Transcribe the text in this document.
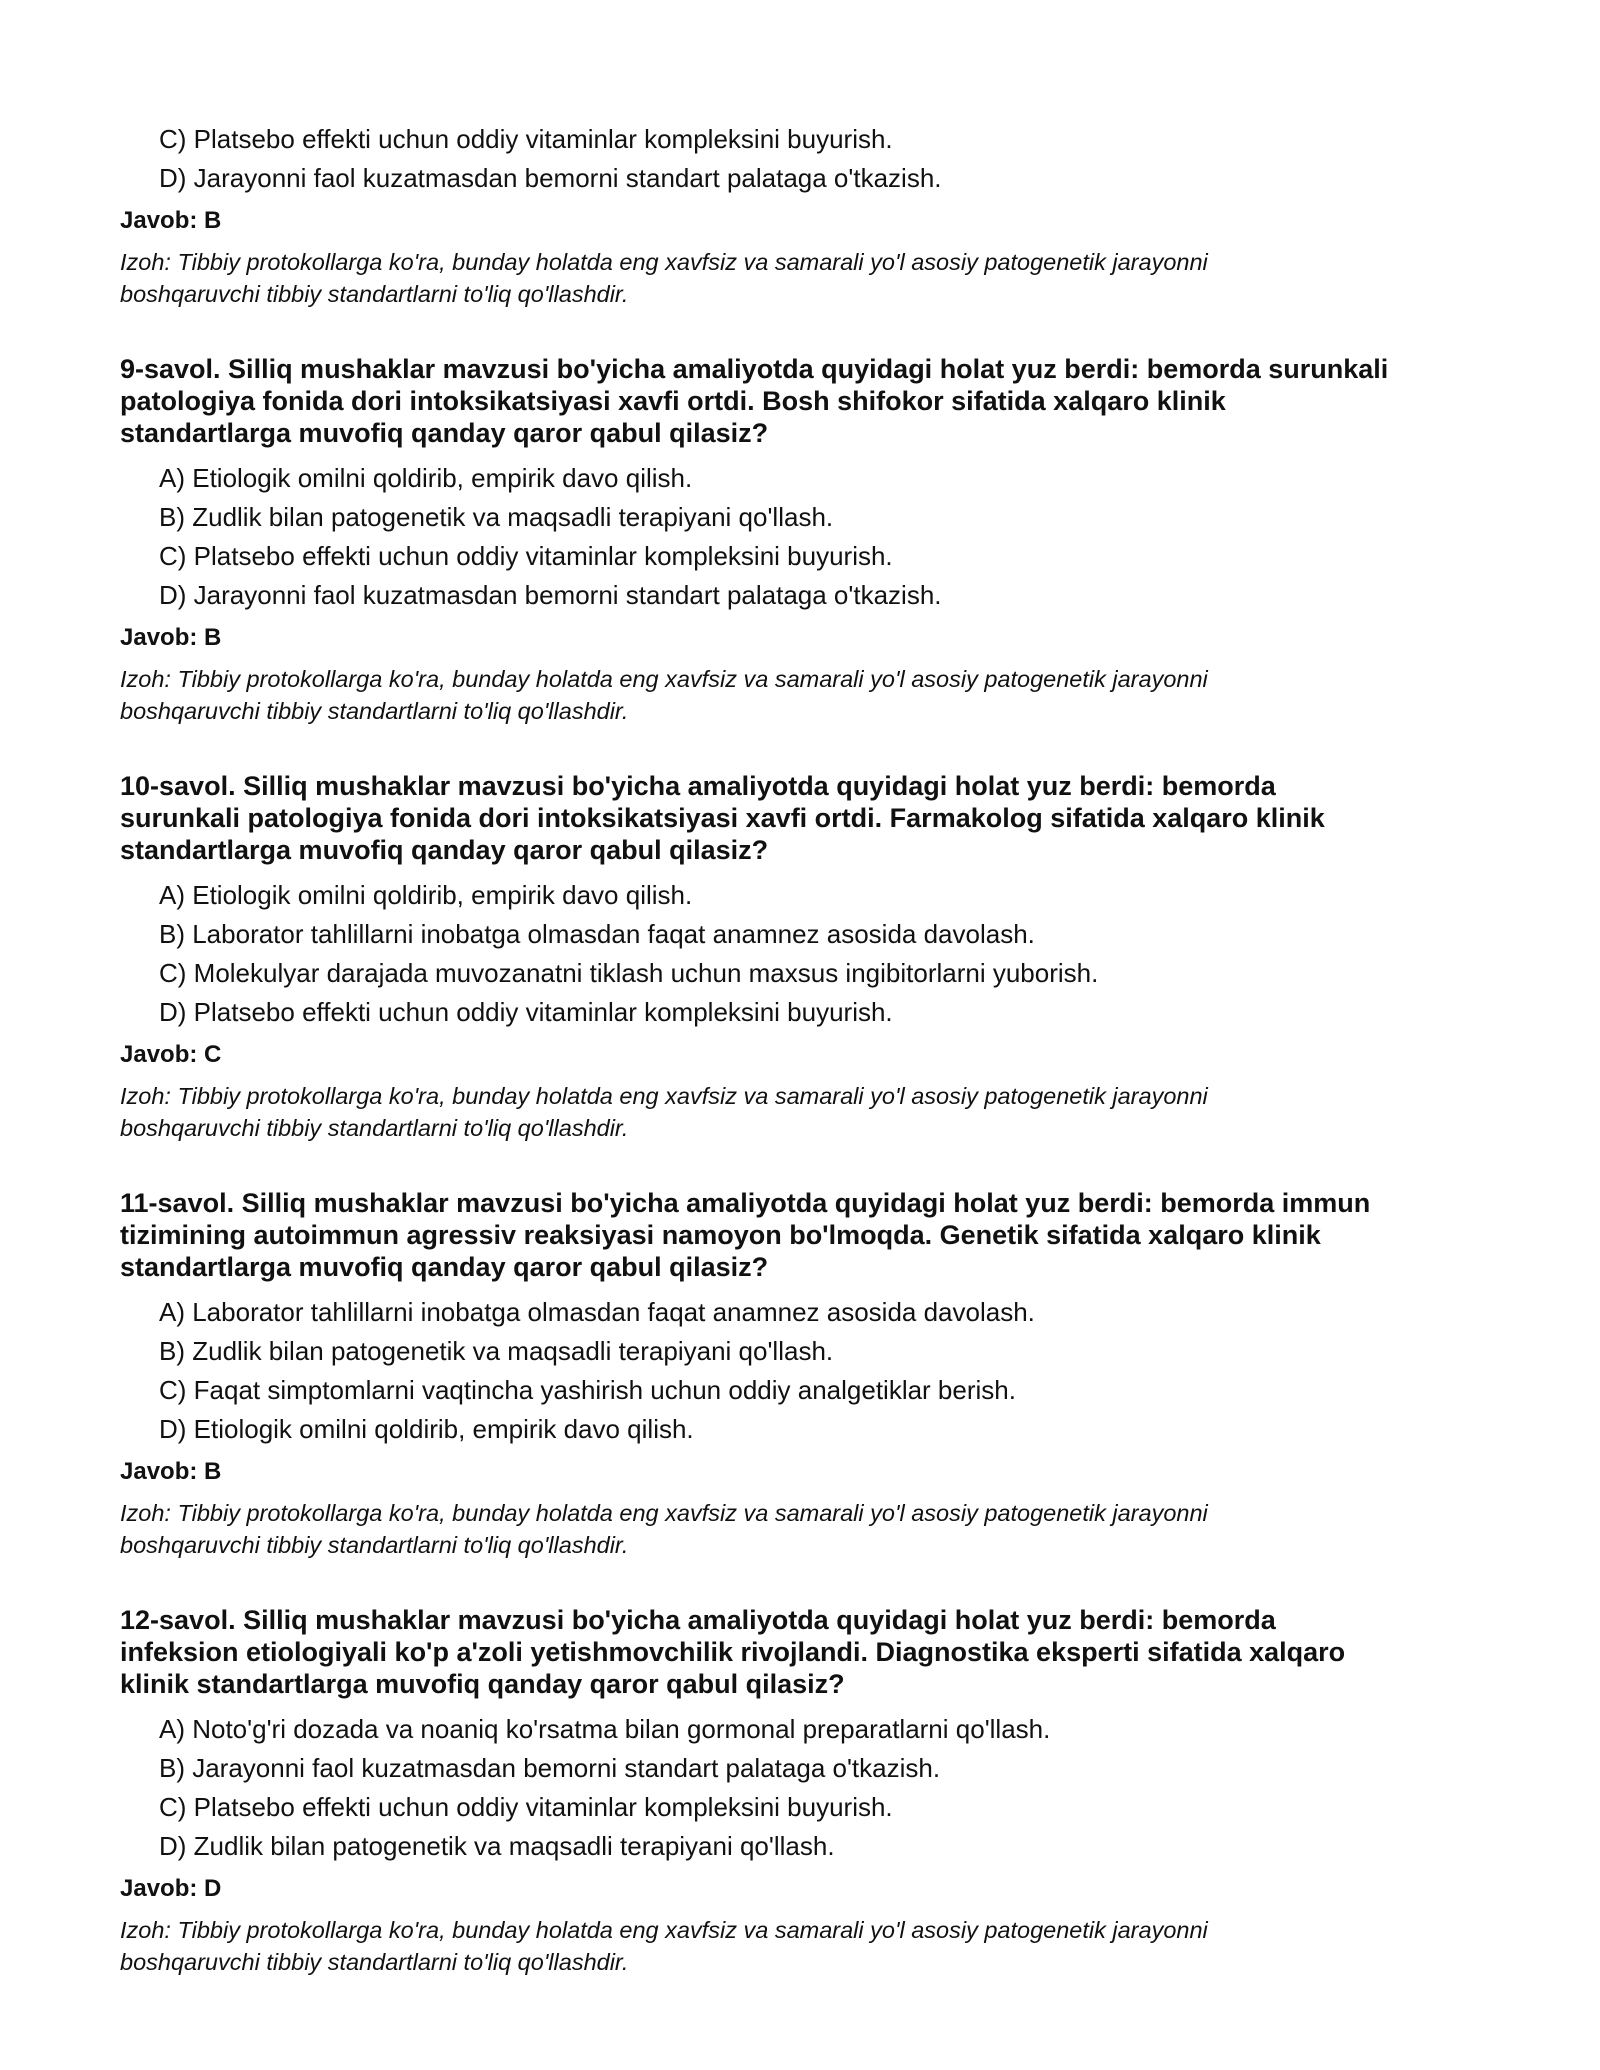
C) Platsebo effekti uchun oddiy vitaminlar kompleksini buyurish.
D) Jarayonni faol kuzatmasdan bemorni standart palataga o'tkazish.
Javob: B

Izoh: Tibbiy protokollarga ko'ra, bunday holatda eng xavfsiz va samarali yo'l asosiy patogenetik jarayonni
boshqaruvchi tibbiy standartlarni to'liq qo'llashdir.

9-savol. Silliq mushaklar mavzusi bo'yicha amaliyotda quyidagi holat yuz berdi: bemorda surunkali
patologiya fonida dori intoksikatsiyasi xavfi ortdi. Bosh shifokor sifatida xalqaro klinik
standartlarga muvofiq qanday qaror qabul qilasiz?

A) Etiologik omilni qoldirib, empirik davo qilish.
B) Zudlik bilan patogenetik va maqsadli terapiyani qo'llash.
C) Platsebo effekti uchun oddiy vitaminlar kompleksini buyurish.
D) Jarayonni faol kuzatmasdan bemorni standart palataga o'tkazish.
Javob: B

Izoh: Tibbiy protokollarga ko'ra, bunday holatda eng xavfsiz va samarali yo'l asosiy patogenetik jarayonni
boshqaruvchi tibbiy standartlarni to'liq qo'llashdir.

10-savol. Silliq mushaklar mavzusi bo'yicha amaliyotda quyidagi holat yuz berdi: bemorda
surunkali patologiya fonida dori intoksikatsiyasi xavfi ortdi. Farmakolog sifatida xalqaro klinik
standartlarga muvofiq qanday qaror qabul qilasiz?

A) Etiologik omilni qoldirib, empirik davo qilish.
B) Laborator tahlillarni inobatga olmasdan faqat anamnez asosida davolash.
C) Molekulyar darajada muvozanatni tiklash uchun maxsus ingibitorlarni yuborish.
D) Platsebo effekti uchun oddiy vitaminlar kompleksini buyurish.
Javob: C

Izoh: Tibbiy protokollarga ko'ra, bunday holatda eng xavfsiz va samarali yo'l asosiy patogenetik jarayonni
boshqaruvchi tibbiy standartlarni to'liq qo'llashdir.

11-savol. Silliq mushaklar mavzusi bo'yicha amaliyotda quyidagi holat yuz berdi: bemorda immun
tizimining autoimmun agressiv reaksiyasi namoyon bo'lmoqda. Genetik sifatida xalqaro klinik
standartlarga muvofiq qanday qaror qabul qilasiz?

A) Laborator tahlillarni inobatga olmasdan faqat anamnez asosida davolash.
B) Zudlik bilan patogenetik va maqsadli terapiyani qo'llash.
C) Faqat simptomlarni vaqtincha yashirish uchun oddiy analgetiklar berish.
D) Etiologik omilni qoldirib, empirik davo qilish.
Javob: B

Izoh: Tibbiy protokollarga ko'ra, bunday holatda eng xavfsiz va samarali yo'l asosiy patogenetik jarayonni
boshqaruvchi tibbiy standartlarni to'liq qo'llashdir.

12-savol. Silliq mushaklar mavzusi bo'yicha amaliyotda quyidagi holat yuz berdi: bemorda
infeksion etiologiyali ko'p a'zoli yetishmovchilik rivojlandi. Diagnostika eksperti sifatida xalqaro
klinik standartlarga muvofiq qanday qaror qabul qilasiz?

A) Noto'g'ri dozada va noaniq ko'rsatma bilan gormonal preparatlarni qo'llash.
B) Jarayonni faol kuzatmasdan bemorni standart palataga o'tkazish.
C) Platsebo effekti uchun oddiy vitaminlar kompleksini buyurish.
D) Zudlik bilan patogenetik va maqsadli terapiyani qo'llash.
Javob: D

Izoh: Tibbiy protokollarga ko'ra, bunday holatda eng xavfsiz va samarali yo'l asosiy patogenetik jarayonni
boshqaruvchi tibbiy standartlarni to'liq qo'llashdir.
